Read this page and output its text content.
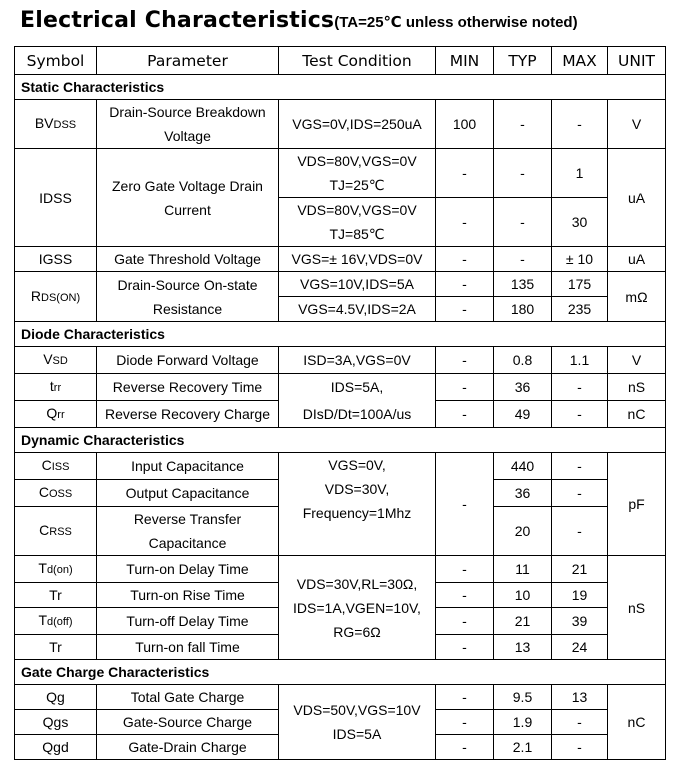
Electrical Characteristics(TA=25℃ unless otherwise noted)
Symbol	Parameter	Test Condition	MIN	TYP	MAX	UNIT
Static Characteristics						
BVDSS	Drain-Source Breakdown Voltage	VGS=0V,IDS=250uA	100	-	-	V
IDSS	Zero Gate Voltage Drain Current	VDS=80V,VGS=0V
TJ=25℃	-	-	1	uA

		VDS=80V,VGS=0V
TJ=85℃	-	-	30	
IGSS	Gate Threshold Voltage	VGS=± 16V,VDS=0V	-	-	± 10	uA
RDS(ON)	Drain-Source On-state Resistance	VGS=10V,IDS=5A	-	135	175	mΩ
		VGS=4.5V,IDS=2A	-	180	235	
Diode Characteristics						
VSD	Diode Forward Voltage	ISD=3A,VGS=0V	-	0.8	1.1	V
trr	Reverse Recovery Time	IDS=5A,	-	36	-	nS
Qrr	Reverse Recovery Charge	DIsD/Dt=100A/us	-	49	-	nC
Dynamic Characteristics						
CISS	Input Capacitance	VGS=0V,
VDS=30V,
Frequency=1Mhz	-	440	-	pF
COSS	Output Capacitance			36	-	
CRSS	Reverse Transfer Capacitance			20	-	
Td(on)	Turn-on Delay Time	VDS=30V,RL=30Ω,
IDS=1A,VGEN=10V,
RG=6Ω	-	11	21	nS
Tr	Turn-on Rise Time		-	10	19	
Td(off)	Turn-off Delay Time		-	21	39	
Tr	Turn-on fall Time		-	13	24	
Gate Charge Characteristics						
Qg	Total Gate Charge	VDS=50V,VGS=10V
IDS=5A	-	9.5	13	nC
Qgs	Gate-Source Charge		-	1.9	-	
Qgd	Gate-Drain Charge		-	2.1	-	
